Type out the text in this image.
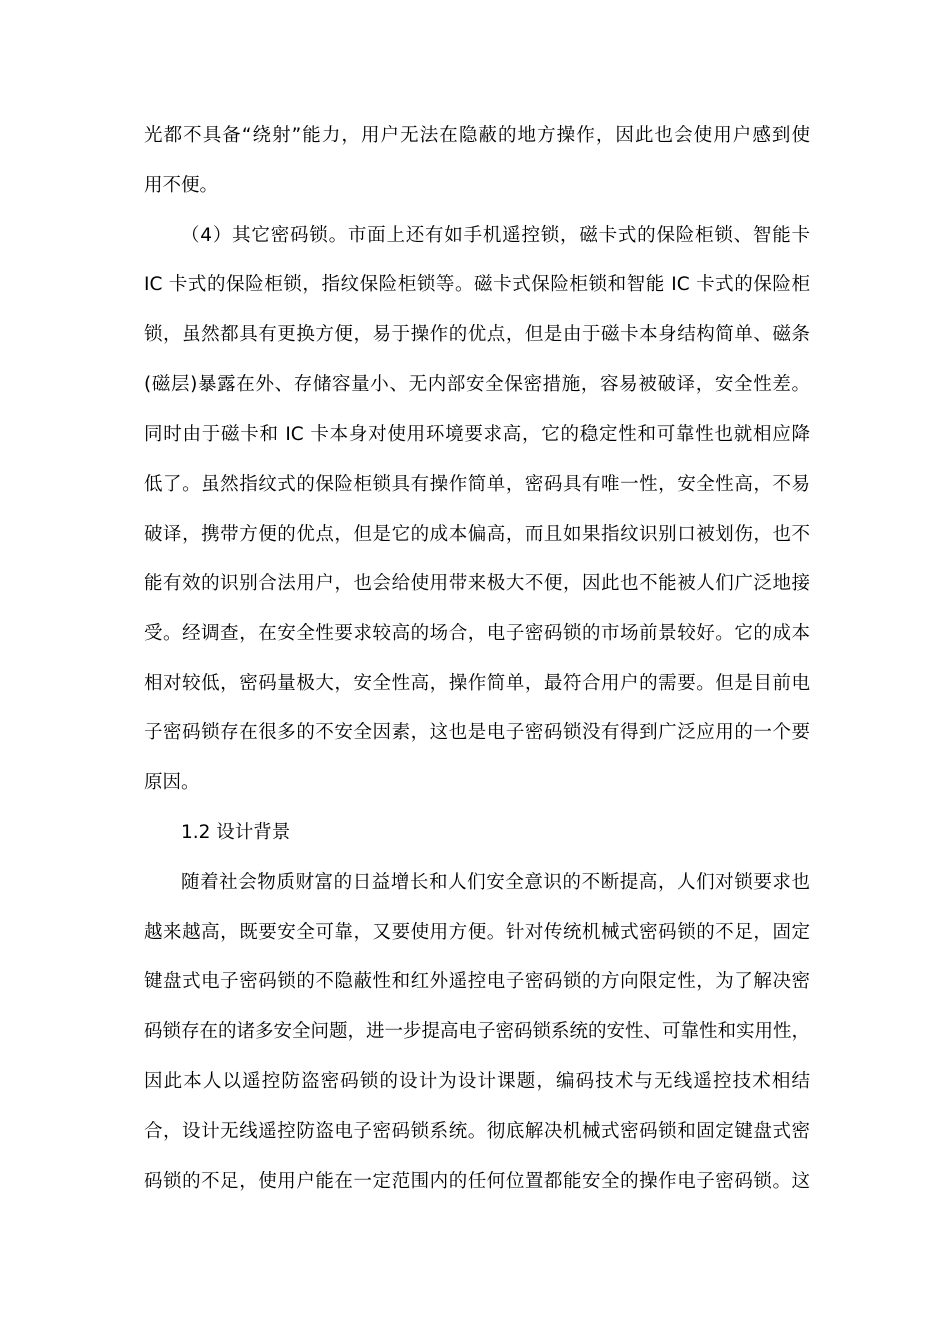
光都不具备“绕射”能力，用户无法在隐蔽的地方操作，因此也会使用户感到使
用不便。
（4）其它密码锁。市面上还有如手机遥控锁，磁卡式的保险柜锁、智能卡
IC 卡式的保险柜锁，指纹保险柜锁等。磁卡式保险柜锁和智能 IC 卡式的保险柜
锁，虽然都具有更换方便，易于操作的优点，但是由于磁卡本身结构简单、磁条
(磁层)暴露在外、存储容量小、无内部安全保密措施，容易被破译，安全性差。
同时由于磁卡和 IC 卡本身对使用环境要求高，它的稳定性和可靠性也就相应降
低了。虽然指纹式的保险柜锁具有操作简单，密码具有唯一性，安全性高，不易
破译，携带方便的优点，但是它的成本偏高，而且如果指纹识别口被划伤，也不
能有效的识别合法用户，也会给使用带来极大不便，因此也不能被人们广泛地接
受。经调查，在安全性要求较高的场合，电子密码锁的市场前景较好。它的成本
相对较低，密码量极大，安全性高，操作简单，最符合用户的需要。但是目前电
子密码锁存在很多的不安全因素，这也是电子密码锁没有得到广泛应用的一个要
原因。
1.2 设计背景
随着社会物质财富的日益增长和人们安全意识的不断提高，人们对锁要求也
越来越高，既要安全可靠，又要使用方便。针对传统机械式密码锁的不足，固定
键盘式电子密码锁的不隐蔽性和红外遥控电子密码锁的方向限定性，为了解决密
码锁存在的诸多安全问题，进一步提高电子密码锁系统的安性、可靠性和实用性，
因此本人以遥控防盗密码锁的设计为设计课题，编码技术与无线遥控技术相结
合，设计无线遥控防盗电子密码锁系统。彻底解决机械式密码锁和固定键盘式密
码锁的不足，使用户能在一定范围内的任何位置都能安全的操作电子密码锁。这
